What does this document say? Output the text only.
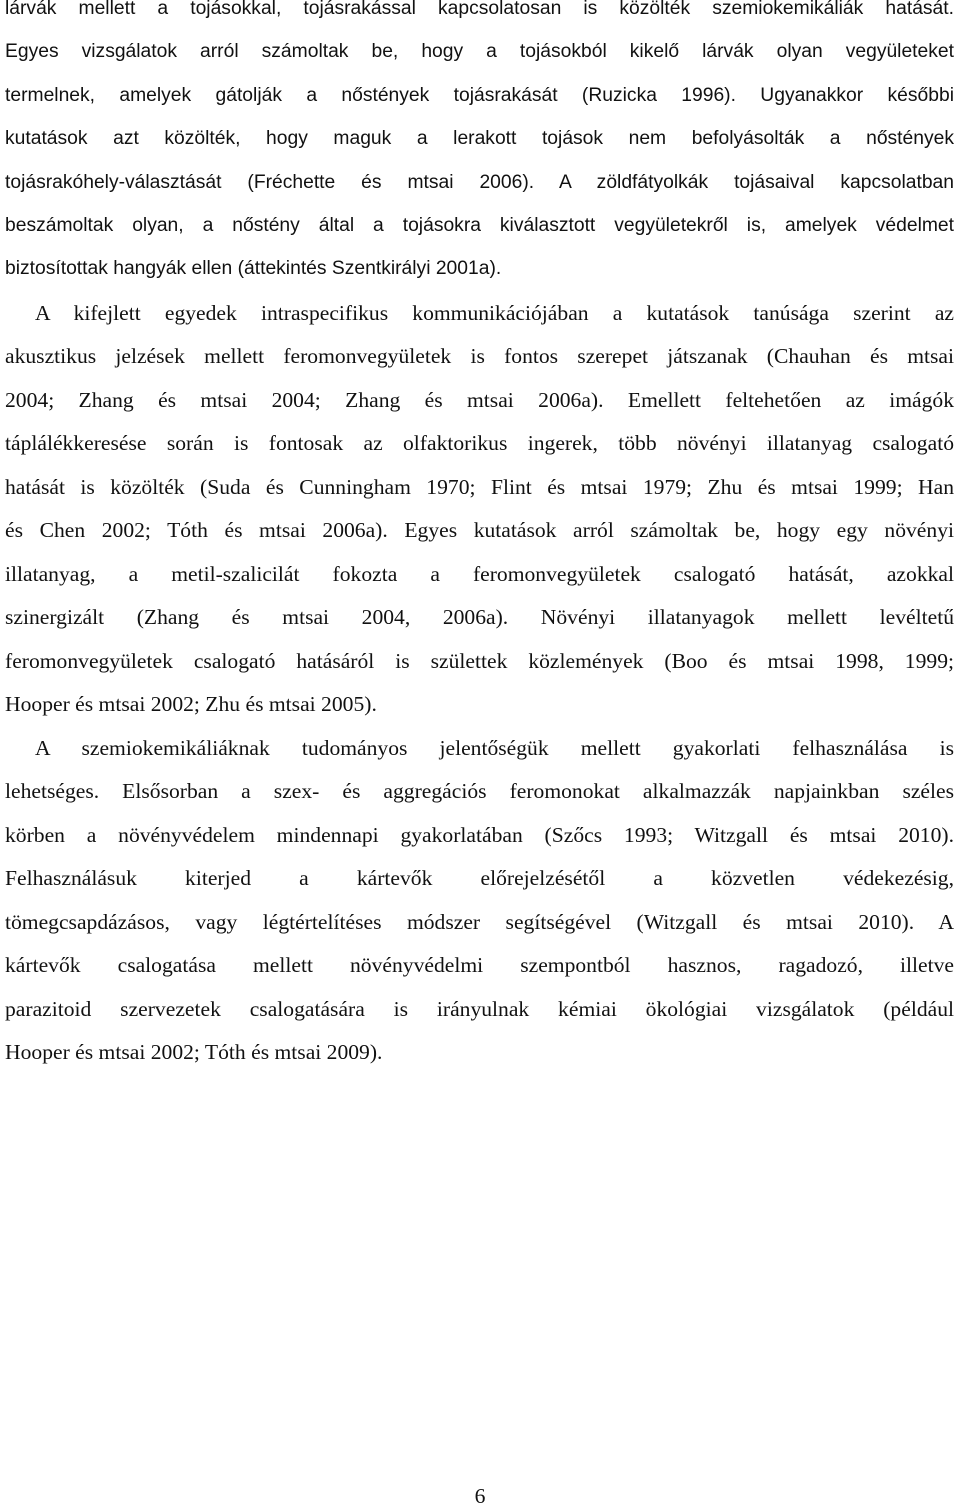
lárvák mellett a tojásokkal, tojásrakással kapcsolatosan is közölték szemiokemikáliák hatását.
Egyes vizsgálatok arról számoltak be, hogy a tojásokból kikelő lárvák olyan vegyületeket
termelnek, amelyek gátolják a nőstények tojásrakását (Ruzicka 1996). Ugyanakkor későbbi
kutatások azt közölték, hogy maguk a lerakott tojások nem befolyásolták a nőstények
tojásrakóhely-választását (Fréchette és mtsai 2006). A zöldfátyolkák tojásaival kapcsolatban
beszámoltak olyan, a nőstény által a tojásokra kiválasztott vegyületekről is, amelyek védelmet
biztosítottak hangyák ellen (áttekintés Szentkirályi 2001a).
A kifejlett egyedek intraspecifikus kommunikációjában a kutatások tanúsága szerint az
akusztikus jelzések mellett feromonvegyületek is fontos szerepet játszanak (Chauhan és mtsai
2004; Zhang és mtsai 2004; Zhang és mtsai 2006a). Emellett feltehetően az imágók
táplálékkeresése során is fontosak az olfaktorikus ingerek, több növényi illatanyag csalogató
hatását is közölték (Suda és Cunningham 1970; Flint és mtsai 1979; Zhu és mtsai 1999; Han
és Chen 2002; Tóth és mtsai 2006a). Egyes kutatások arról számoltak be, hogy egy növényi
illatanyag, a metil-szalicilát fokozta a feromonvegyületek csalogató hatását, azokkal
szinergizált (Zhang és mtsai 2004, 2006a). Növényi illatanyagok mellett levéltetű
feromonvegyületek csalogató hatásáról is születtek közlemények (Boo és mtsai 1998, 1999;
Hooper és mtsai 2002; Zhu és mtsai 2005).
A szemiokemikáliáknak tudományos jelentőségük mellett gyakorlati felhasználása is
lehetséges. Elsősorban a szex- és aggregációs feromonokat alkalmazzák napjainkban széles
körben a növényvédelem mindennapi gyakorlatában (Szőcs 1993; Witzgall és mtsai 2010).
Felhasználásuk kiterjed a kártevők előrejelzésétől a közvetlen védekezésig,
tömegcsapdázásos, vagy légtértelítéses módszer segítségével (Witzgall és mtsai 2010). A
kártevők csalogatása mellett növényvédelmi szempontból hasznos, ragadozó, illetve
parazitoid szervezetek csalogatására is irányulnak kémiai ökológiai vizsgálatok (például
Hooper és mtsai 2002; Tóth és mtsai 2009).
6
